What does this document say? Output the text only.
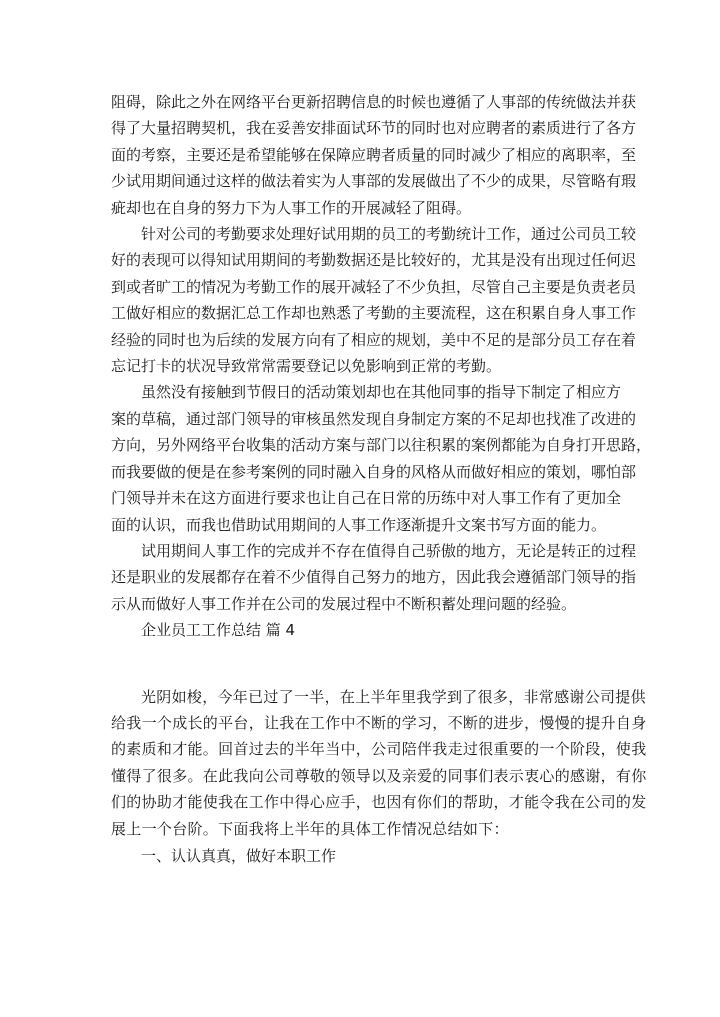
阻碍，除此之外在网络平台更新招聘信息的时候也遵循了人事部的传统做法并获
得了大量招聘契机，我在妥善安排面试环节的同时也对应聘者的素质进行了各方
面的考察，主要还是希望能够在保障应聘者质量的同时减少了相应的离职率，至
少试用期间通过这样的做法着实为人事部的发展做出了不少的成果，尽管略有瑕
疵却也在自身的努力下为人事工作的开展减轻了阻碍。
针对公司的考勤要求处理好试用期的员工的考勤统计工作，通过公司员工较
好的表现可以得知试用期间的考勤数据还是比较好的，尤其是没有出现过任何迟
到或者旷工的情况为考勤工作的展开减轻了不少负担，尽管自己主要是负责老员
工做好相应的数据汇总工作却也熟悉了考勤的主要流程，这在积累自身人事工作
经验的同时也为后续的发展方向有了相应的规划，美中不足的是部分员工存在着
忘记打卡的状况导致常常需要登记以免影响到正常的考勤。
虽然没有接触到节假日的活动策划却也在其他同事的指导下制定了相应方
案的草稿，通过部门领导的审核虽然发现自身制定方案的不足却也找准了改进的
方向，另外网络平台收集的活动方案与部门以往积累的案例都能为自身打开思路，
而我要做的便是在参考案例的同时融入自身的风格从而做好相应的策划，哪怕部
门领导并未在这方面进行要求也让自己在日常的历练中对人事工作有了更加全
面的认识，而我也借助试用期间的人事工作逐渐提升文案书写方面的能力。
试用期间人事工作的完成并不存在值得自己骄傲的地方，无论是转正的过程
还是职业的发展都存在着不少值得自己努力的地方，因此我会遵循部门领导的指
示从而做好人事工作并在公司的发展过程中不断积蓄处理问题的经验。
企业员工工作总结 篇 4
光阴如梭，今年已过了一半，在上半年里我学到了很多，非常感谢公司提供
给我一个成长的平台，让我在工作中不断的学习，不断的进步，慢慢的提升自身
的素质和才能。回首过去的半年当中，公司陪伴我走过很重要的一个阶段，使我
懂得了很多。在此我向公司尊敬的领导以及亲爱的同事们表示衷心的感谢，有你
们的协助才能使我在工作中得心应手，也因有你们的帮助，才能令我在公司的发
展上一个台阶。下面我将上半年的具体工作情况总结如下：
一、认认真真，做好本职工作
